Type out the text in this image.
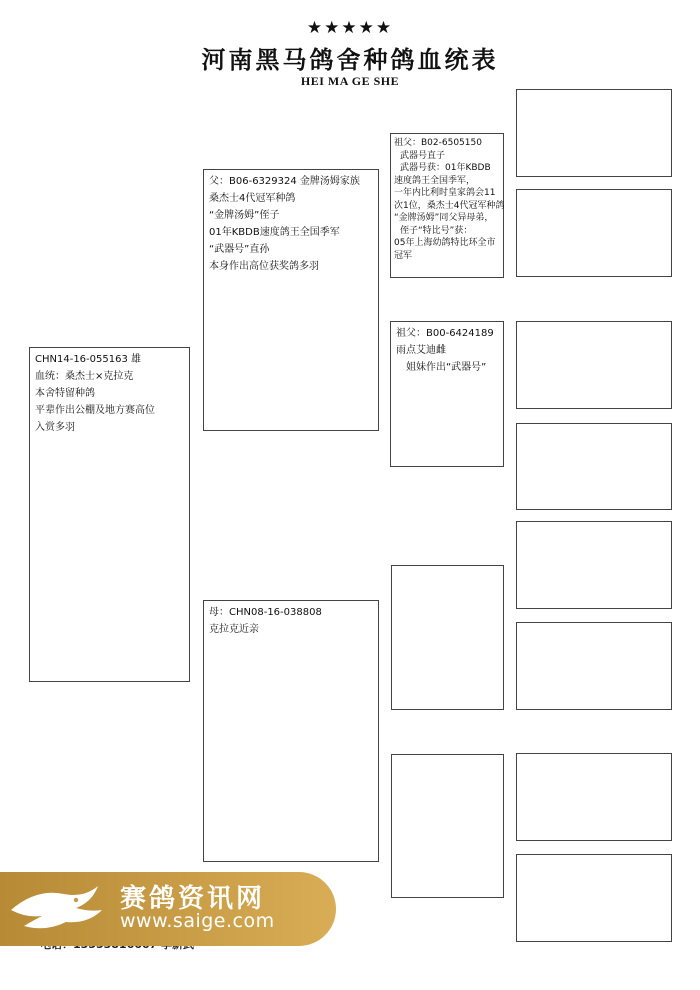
★★★★★
河南黑马鸽舍种鸽血统表
HEI MA GE SHE
CHN14-16-055163 雄
血统：桑杰士×克拉克
本舍特留种鸽
平辈作出公棚及地方赛高位
入赏多羽
父：B06-6329324 金牌汤姆家族
桑杰士4代冠军种鸽
“金牌汤姆”侄子
01年KBDB速度鸽王全国季军
“武器号”直孙
本身作出高位获奖鸽多羽
母：CHN08-16-038808
克拉克近亲
祖父：B02-6505150
武器号直子
武器号获：01年KBDB
速度鸽王全国季军，
一年内比利时皇家鸽会11
次1位，桑杰士4代冠军种鸽
“金牌汤姆”同父异母弟，
侄子“特比号”获：
05年上海幼鸽特比环全市
冠军
祖父：B00-6424189
雨点艾迪雌
姐妹作出“武器号”
赛鸽资讯网
www.saige.com
